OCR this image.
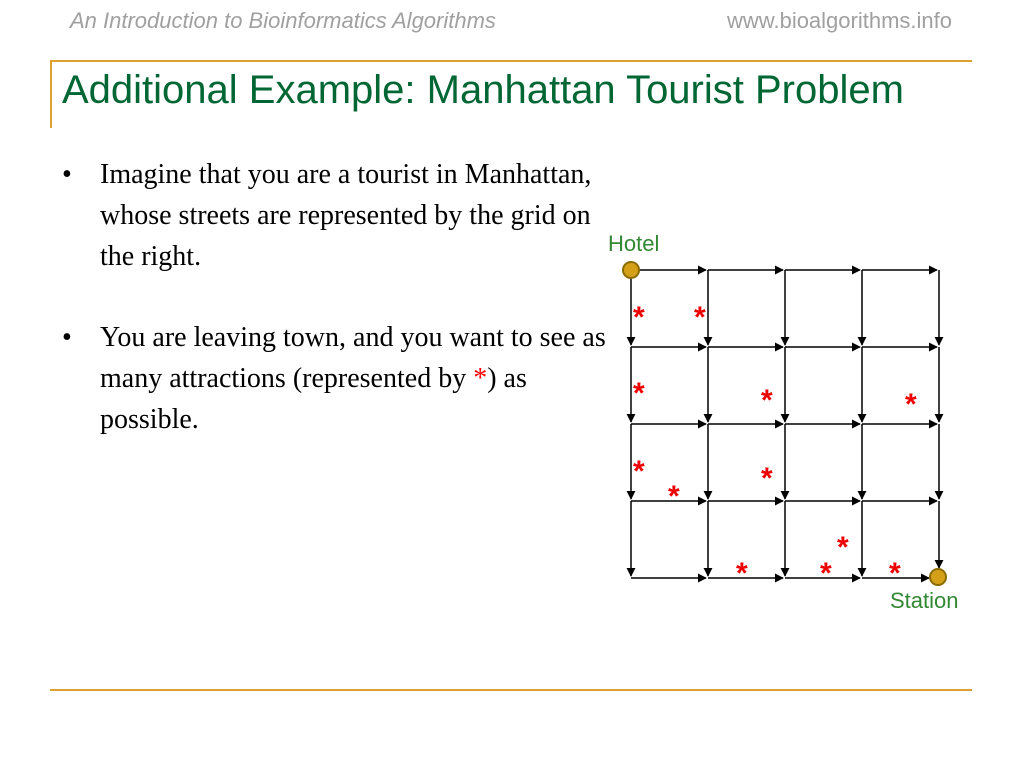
An Introduction to Bioinformatics Algorithms	www.bioalgorithms.info
Additional Example: Manhattan Tourist Problem
• Imagine that you are a tourist in Manhattan, whose streets are represented by the grid on the right.
• You are leaving town, and you want to see as many attractions (represented by *) as possible.
Hotel
Station
* *
*	*	*
*	*
*
*
* * *
